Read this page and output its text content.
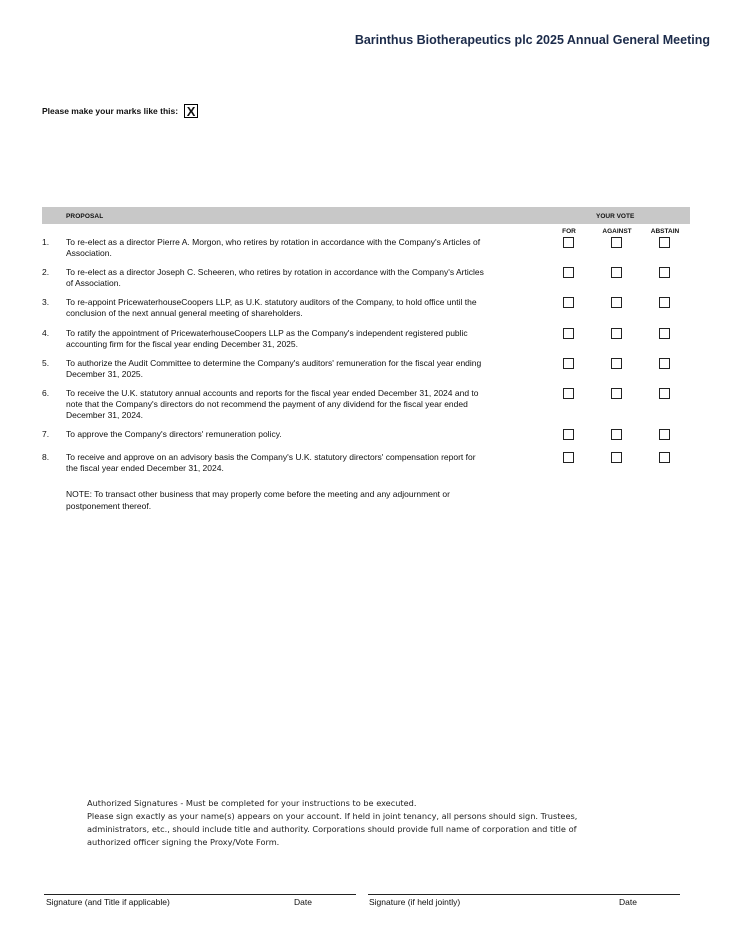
Barinthus Biotherapeutics plc 2025 Annual General Meeting
Please make your marks like this: X
PROPOSAL	YOUR VOTE
FOR	AGAINST	ABSTAIN
1. To re-elect as a director Pierre A. Morgon, who retires by rotation in accordance with the Company's Articles of
Association.
2. To re-elect as a director Joseph C. Scheeren, who retires by rotation in accordance with the Company's Articles
of Association.
3. To re-appoint PricewaterhouseCoopers LLP, as U.K. statutory auditors of the Company, to hold office until the
conclusion of the next annual general meeting of shareholders.
4. To ratify the appointment of PricewaterhouseCoopers LLP as the Company's independent registered public
accounting firm for the fiscal year ending December 31, 2025.
5. To authorize the Audit Committee to determine the Company's auditors' remuneration for the fiscal year ending
December 31, 2025.
6. To receive the U.K. statutory annual accounts and reports for the fiscal year ended December 31, 2024 and to
note that the Company's directors do not recommend the payment of any dividend for the fiscal year ended
December 31, 2024.
7. To approve the Company's directors' remuneration policy.
8. To receive and approve on an advisory basis the Company's U.K. statutory directors' compensation report for
the fiscal year ended December 31, 2024.
NOTE: To transact other business that may properly come before the meeting and any adjournment or
postponement thereof.
Authorized Signatures - Must be completed for your instructions to be executed.
Please sign exactly as your name(s) appears on your account. If held in joint tenancy, all persons should sign. Trustees,
administrators, etc., should include title and authority. Corporations should provide full name of corporation and title of
authorized officer signing the Proxy/Vote Form.
Signature (and Title if applicable)	Date	Signature (if held jointly)	Date
